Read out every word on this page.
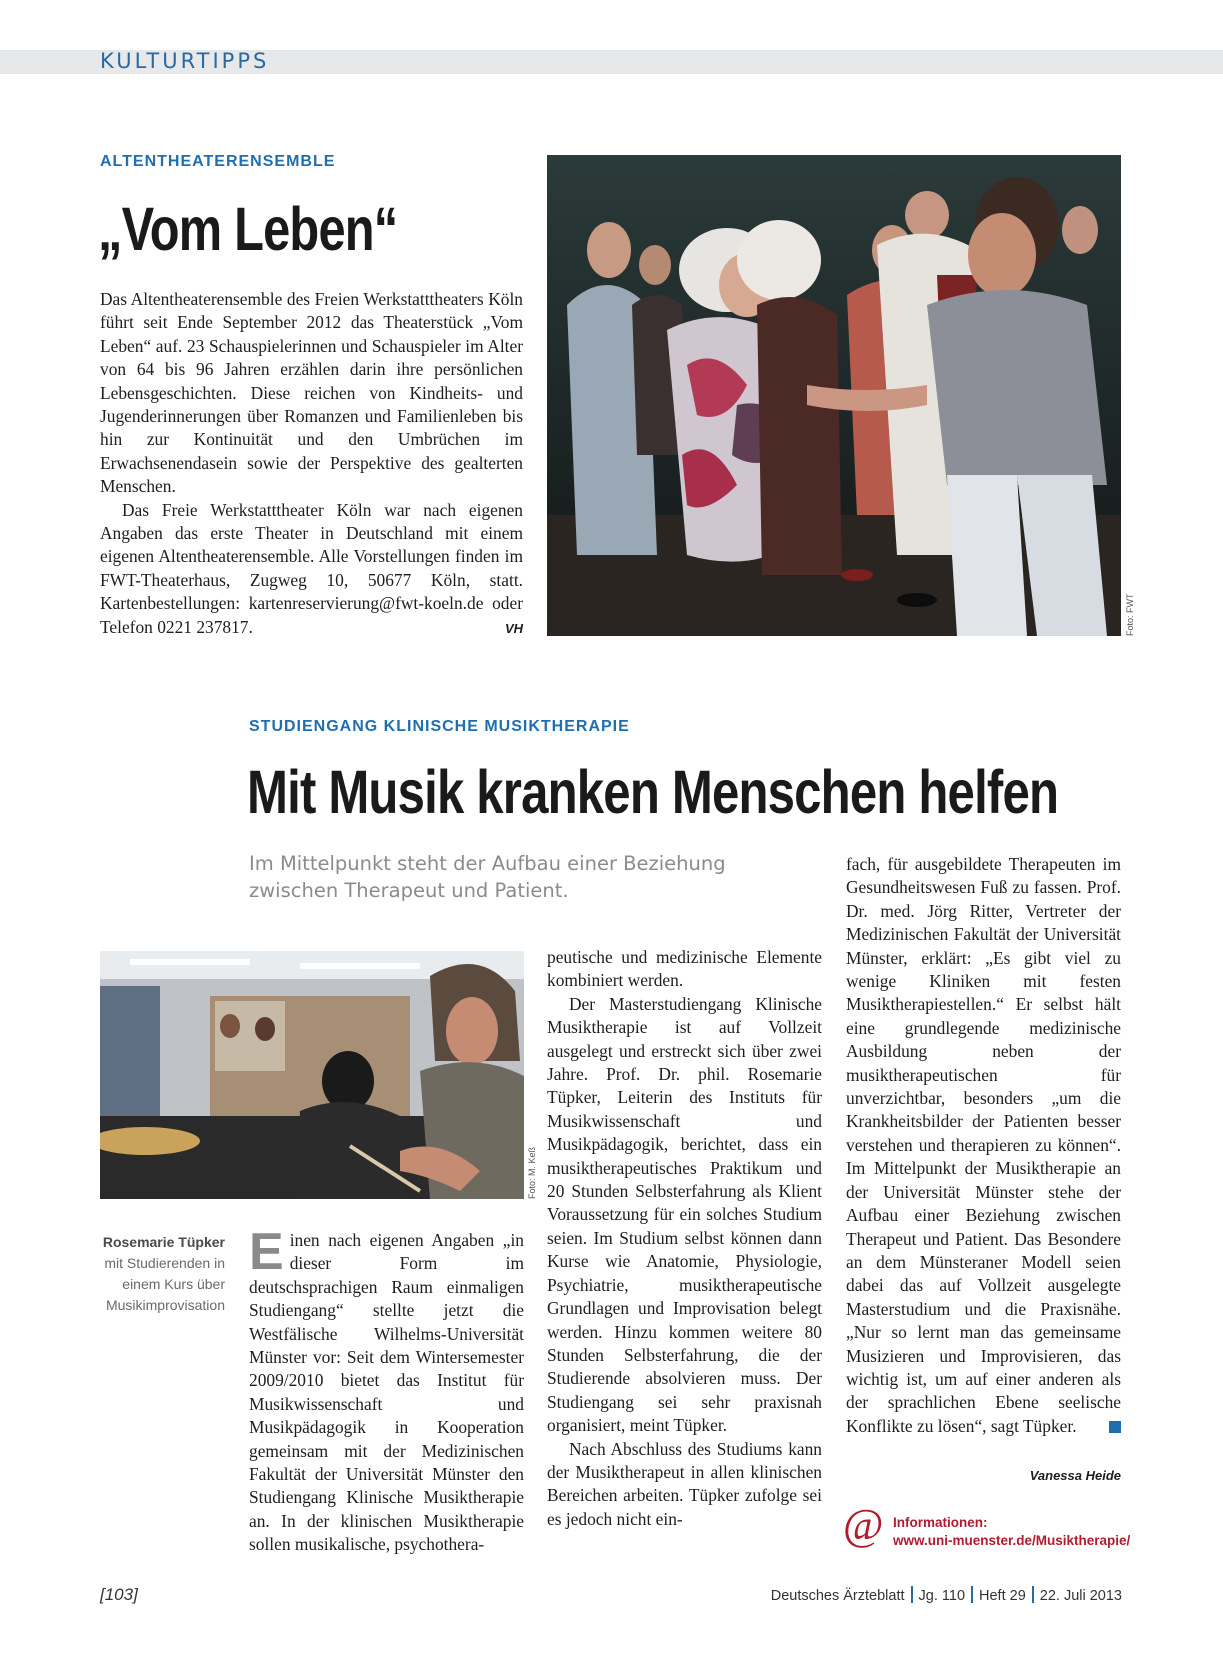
KULTURTIPPS
ALTENTHEATERENSEMBLE
„Vom Leben“

Das Altentheaterensemble des Freien Werkstatttheaters Köln führt seit Ende September 2012 das Theaterstück „Vom Leben“ auf. 23 Schauspielerinnen und Schauspieler im Alter von 64 bis 96 Jahren erzählen darin ihre persönlichen Lebensgeschichten. Diese reichen von Kindheits- und Jugenderinnerungen über Romanzen und Familienleben bis hin zur Kontinuität und den Umbrüchen im Erwachsenendasein sowie der Perspektive des gealterten Menschen.

Das Freie Werkstatttheater Köln war nach eigenen Angaben das erste Theater in Deutschland mit einem eigenen Altentheaterensemble. Alle Vorstellungen finden im FWT-Theaterhaus, Zugweg 10, 50677 Köln, statt. Kartenbestellungen: kartenreservierung@fwt-koeln.de oder Telefon 0221 237817.	VH	Foto: FWT
STUDIENGANG KLINISCHE MUSIKTHERAPIE
Mit Musik kranken Menschen helfen
Im Mittelpunkt steht der Aufbau einer Beziehung zwischen Therapeut und Patient.
Foto: M. Keß
Rosemarie Tüpker
mit Studierenden in einem Kurs über Musikimprovisation
E inen nach eigenen Angaben „in dieser Form im deutschsprachigen Raum einmaligen Studiengang“ stellte jetzt die Westfälische Wilhelms-Universität Münster vor: Seit dem Wintersemester 2009/2010 bietet das Institut für Musikwissenschaft und Musikpädagogik in Kooperation gemeinsam mit der Medizinischen Fakultät der Universität Münster den Studiengang Klinische Musiktherapie an. In der klinischen Musiktherapie sollen musikalische, psychothera-

peutische und medizinische Elemente kombiniert werden.

Der Masterstudiengang Klinische Musiktherapie ist auf Vollzeit ausgelegt und erstreckt sich über zwei Jahre. Prof. Dr. phil. Rosemarie Tüpker, Leiterin des Instituts für Musikwissenschaft und Musikpädagogik, berichtet, dass ein musiktherapeutisches Praktikum und 20 Stunden Selbsterfahrung als Klient Voraussetzung für ein solches Studium seien. Im Studium selbst können dann Kurse wie Anatomie, Physiologie, Psychiatrie, musiktherapeutische Grundlagen und Improvisation belegt werden. Hinzu kommen weitere 80 Stunden Selbsterfahrung, die der Studierende absolvieren muss. Der Studiengang sei sehr praxisnah organisiert, meint Tüpker.

Nach Abschluss des Studiums kann der Musiktherapeut in allen klinischen Bereichen arbeiten. Tüpker zufolge sei es jedoch nicht ein-

fach, für ausgebildete Therapeuten im Gesundheitswesen Fuß zu fassen. Prof. Dr. med. Jörg Ritter, Vertreter der Medizinischen Fakultät der Universität Münster, erklärt: „Es gibt viel zu wenige Kliniken mit festen Musiktherapiestellen.“ Er selbst hält eine grundlegende medizinische Ausbildung neben der musiktherapeutischen für unverzichtbar, besonders „um die Krankheitsbilder der Patienten besser verstehen und therapieren zu können“. Im Mittelpunkt der Musiktherapie an der Universität Münster stehe der Aufbau einer Beziehung zwischen Therapeut und Patient. Das Besondere an dem Münsteraner Modell seien dabei das auf Vollzeit ausgelegte Masterstudium und die Praxisnähe. „Nur so lernt man das gemeinsame Musizieren und Improvisieren, das wichtig ist, um auf einer anderen als der sprachlichen Ebene seelische Konflikte zu lösen“, sagt Tüpker.
Vanessa Heide
@ Informationen:
www.uni-muenster.de/Musiktherapie/
[103]	Deutsches Ärzteblatt Jg. 110 Heft 29 22. Juli 2013
